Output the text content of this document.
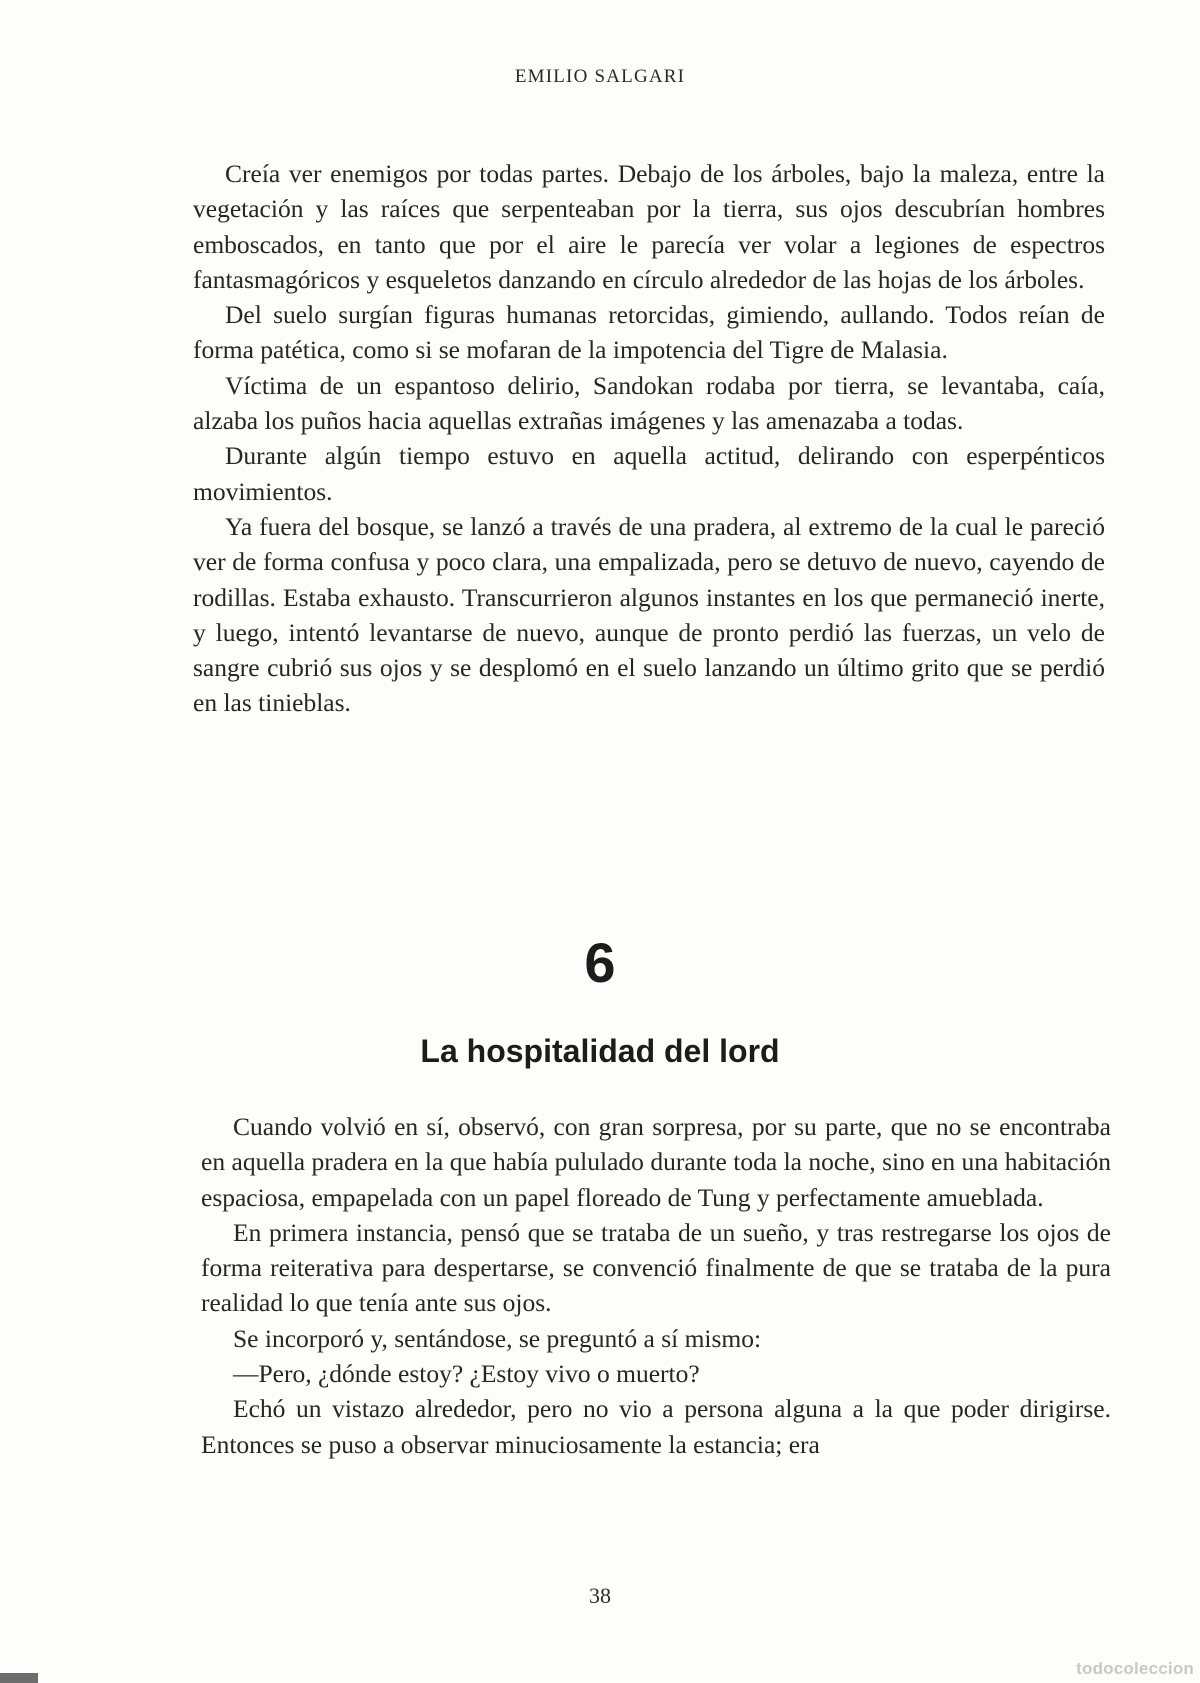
EMILIO SALGARI

Creía ver enemigos por todas partes. Debajo de los árboles, bajo la maleza, entre la vegetación y las raíces que serpenteaban por la tierra, sus ojos descubrían hombres emboscados, en tanto que por el aire le parecía ver volar a legiones de espectros fantasmagóricos y esqueletos danzando en círculo alrededor de las hojas de los árboles.

Del suelo surgían figuras humanas retorcidas, gimiendo, aullando. Todos reían de forma patética, como si se mofaran de la impotencia del Tigre de Malasia.

Víctima de un espantoso delirio, Sandokan rodaba por tierra, se levantaba, caía, alzaba los puños hacia aquellas extrañas imágenes y las amenazaba a todas.

Durante algún tiempo estuvo en aquella actitud, delirando con esperpénticos movimientos.

Ya fuera del bosque, se lanzó a través de una pradera, al extremo de la cual le pareció ver de forma confusa y poco clara, una empalizada, pero se detuvo de nuevo, cayendo de rodillas. Estaba exhausto. Transcurrieron algunos instantes en los que permaneció inerte, y luego, intentó levantarse de nuevo, aunque de pronto perdió las fuerzas, un velo de sangre cubrió sus ojos y se desplomó en el suelo lanzando un último grito que se perdió en las tinieblas.

6
La hospitalidad del lord

Cuando volvió en sí, observó, con gran sorpresa, por su parte, que no se encontraba en aquella pradera en la que había pululado durante toda la noche, sino en una habitación espaciosa, empapelada con un papel floreado de Tung y perfectamente amueblada.

En primera instancia, pensó que se trataba de un sueño, y tras restregarse los ojos de forma reiterativa para despertarse, se convenció finalmente de que se trataba de la pura realidad lo que tenía ante sus ojos.

Se incorporó y, sentándose, se preguntó a sí mismo:

—Pero, ¿dónde estoy? ¿Estoy vivo o muerto?

Echó un vistazo alrededor, pero no vio a persona alguna a la que poder dirigirse. Entonces se puso a observar minuciosamente la estancia; era

38
todocoleccion
